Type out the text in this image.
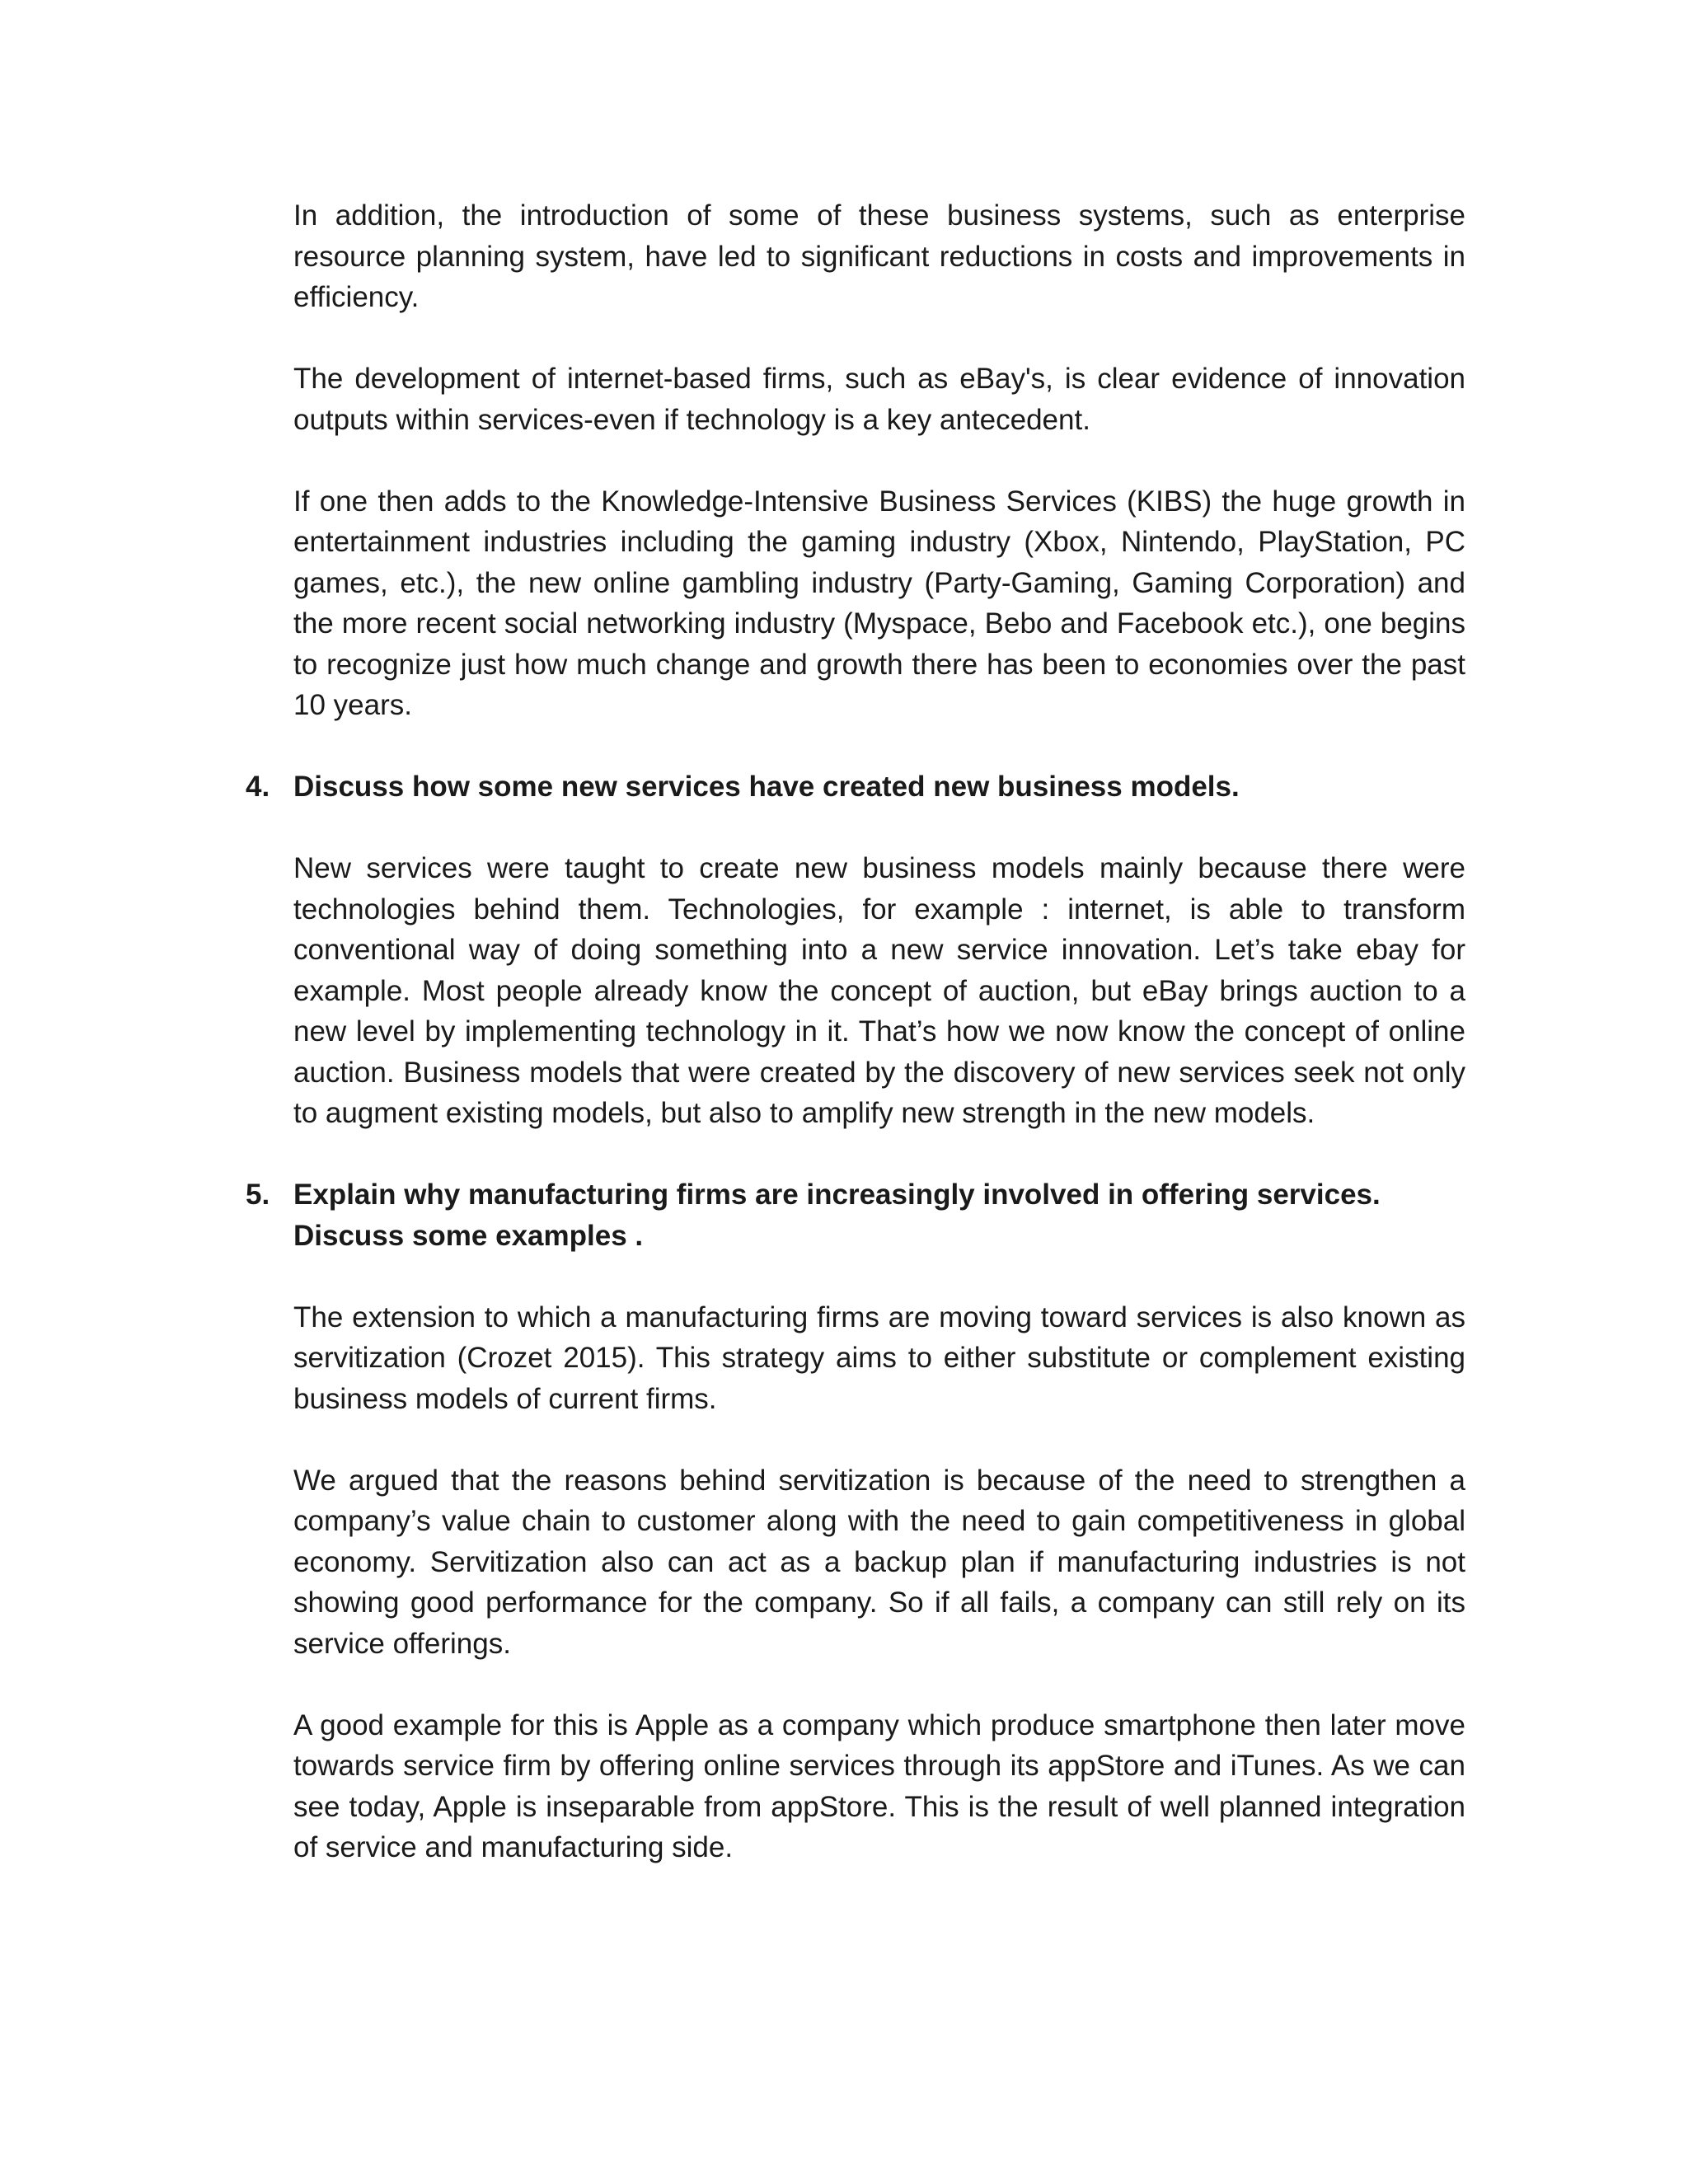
In addition, the introduction of some of these business systems, such as enterprise resource planning system, have led to significant reductions in costs and improvements in efficiency.

The development of internet-based firms, such as eBay's, is clear evidence of innovation outputs within services-even if technology is a key antecedent.

If one then adds to the Knowledge-Intensive Business Services (KIBS) the huge growth in entertainment industries including the gaming industry (Xbox, Nintendo, PlayStation, PC games, etc.), the new online gambling industry (Party-Gaming, Gaming Corporation) and the more recent social networking industry (Myspace, Bebo and Facebook etc.), one begins to recognize just how much change and growth there has been to economies over the past 10 years.

4. Discuss how some new services have created new business models.

New services were taught to create new business models mainly because there were technologies behind them. Technologies, for example : internet, is able to transform conventional way of doing something into a new service innovation. Let’s take ebay for example. Most people already know the concept of auction, but eBay brings auction to a new level by implementing technology in it. That’s how we now know the concept of online auction. Business models that were created by the discovery of new services seek not only to augment existing models, but also to amplify new strength in the new models.

5. Explain why manufacturing firms are increasingly involved in offering services. Discuss some examples .

The extension to which a manufacturing firms are moving toward services is also known as servitization (Crozet 2015). This strategy aims to either substitute or complement existing business models of current firms.

We argued that the reasons behind servitization is because of the need to strengthen a company’s value chain to customer along with the need to gain competitiveness in global economy. Servitization also can act as a backup plan if manufacturing industries is not showing good performance for the company. So if all fails, a company can still rely on its service offerings.

A good example for this is Apple as a company which produce smartphone then later move towards service firm by offering online services through its appStore and iTunes. As we can see today, Apple is inseparable from appStore. This is the result of well planned integration of service and manufacturing side.
